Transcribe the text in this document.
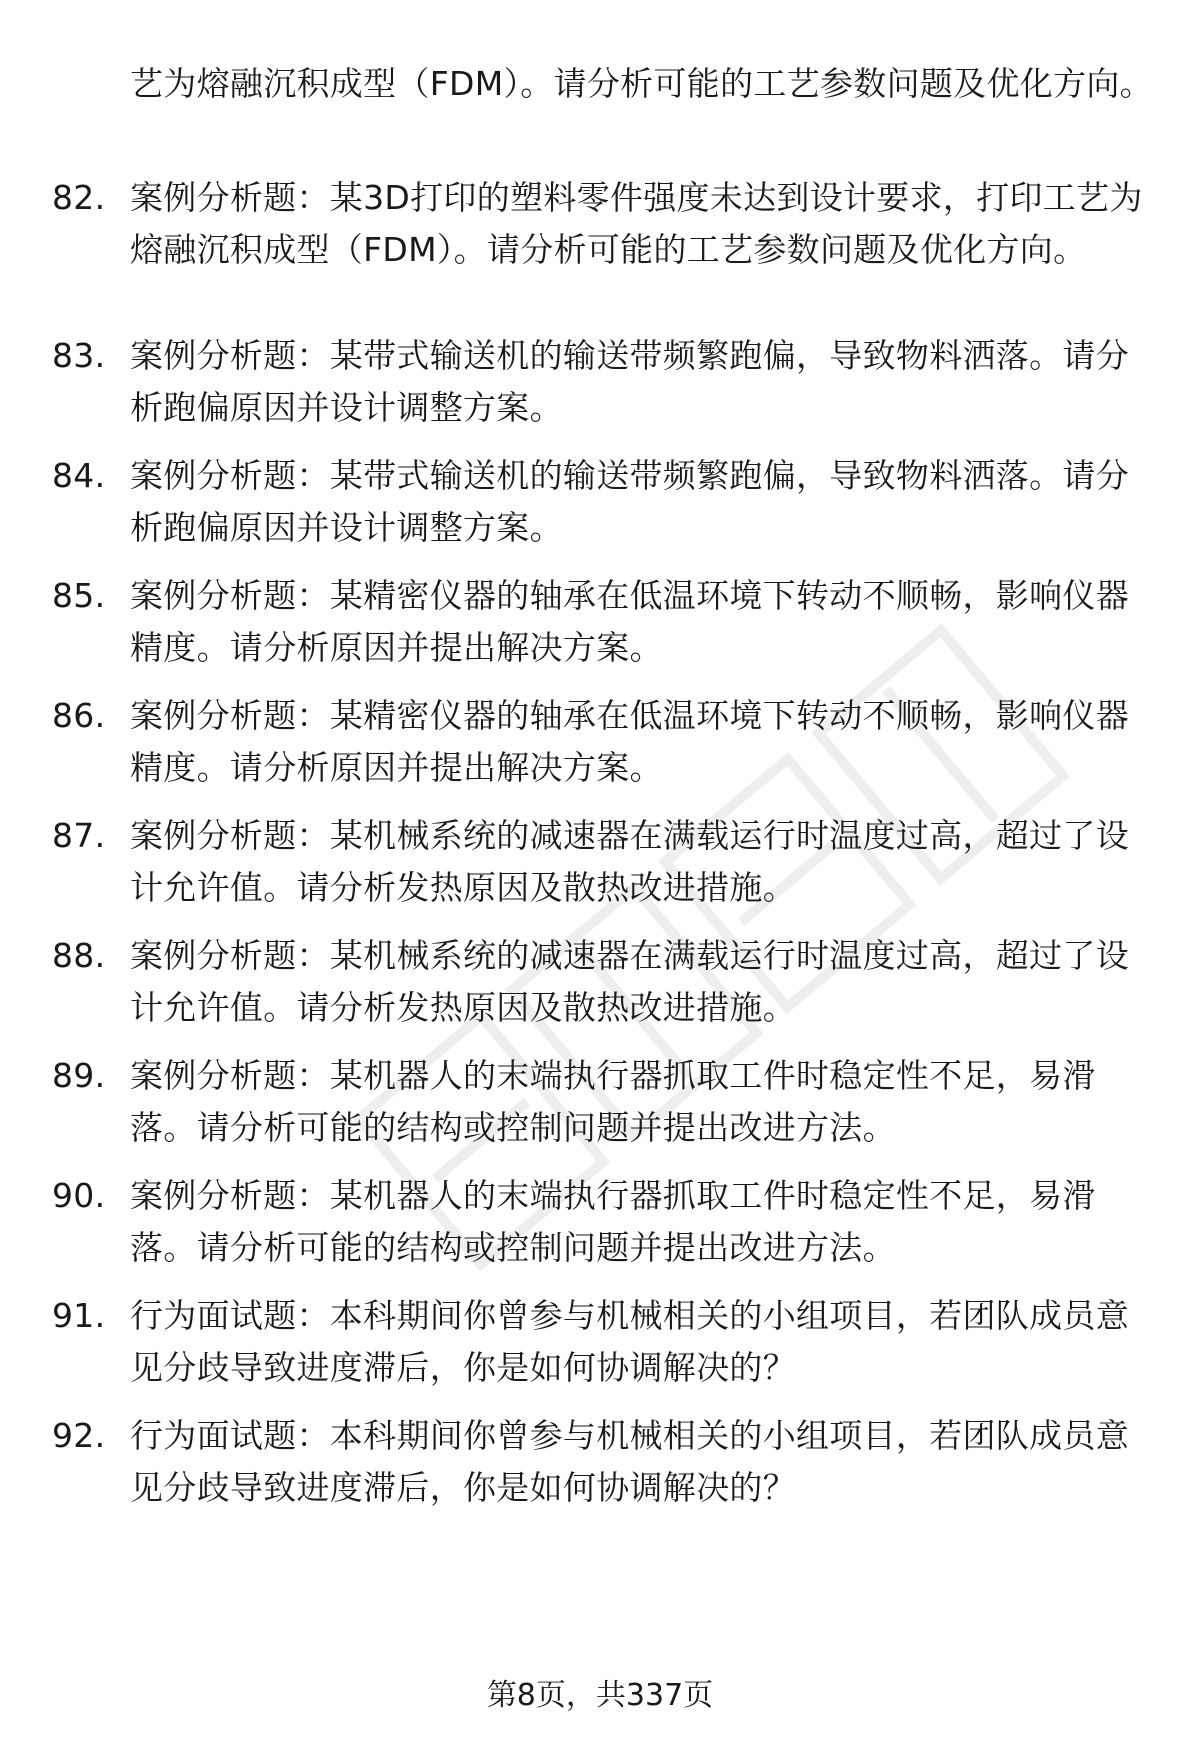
艺为熔融沉积成型（FDM）。请分析可能的工艺参数问题及优化方向。
82. 案例分析题：某3D打印的塑料零件强度未达到设计要求，打印工艺为熔融沉积成型（FDM）。请分析可能的工艺参数问题及优化方向。
83. 案例分析题：某带式输送机的输送带频繁跑偏，导致物料洒落。请分析跑偏原因并设计调整方案。
84. 案例分析题：某带式输送机的输送带频繁跑偏，导致物料洒落。请分析跑偏原因并设计调整方案。
85. 案例分析题：某精密仪器的轴承在低温环境下转动不顺畅，影响仪器精度。请分析原因并提出解决方案。
86. 案例分析题：某精密仪器的轴承在低温环境下转动不顺畅，影响仪器精度。请分析原因并提出解决方案。
87. 案例分析题：某机械系统的减速器在满载运行时温度过高，超过了设计允许值。请分析发热原因及散热改进措施。
88. 案例分析题：某机械系统的减速器在满载运行时温度过高，超过了设计允许值。请分析发热原因及散热改进措施。
89. 案例分析题：某机器人的末端执行器抓取工件时稳定性不足，易滑落。请分析可能的结构或控制问题并提出改进方法。
90. 案例分析题：某机器人的末端执行器抓取工件时稳定性不足，易滑落。请分析可能的结构或控制问题并提出改进方法。
91. 行为面试题：本科期间你曾参与机械相关的小组项目，若团队成员意见分歧导致进度滞后，你是如何协调解决的？
92. 行为面试题：本科期间你曾参与机械相关的小组项目，若团队成员意见分歧导致进度滞后，你是如何协调解决的？
第8页，共337页
